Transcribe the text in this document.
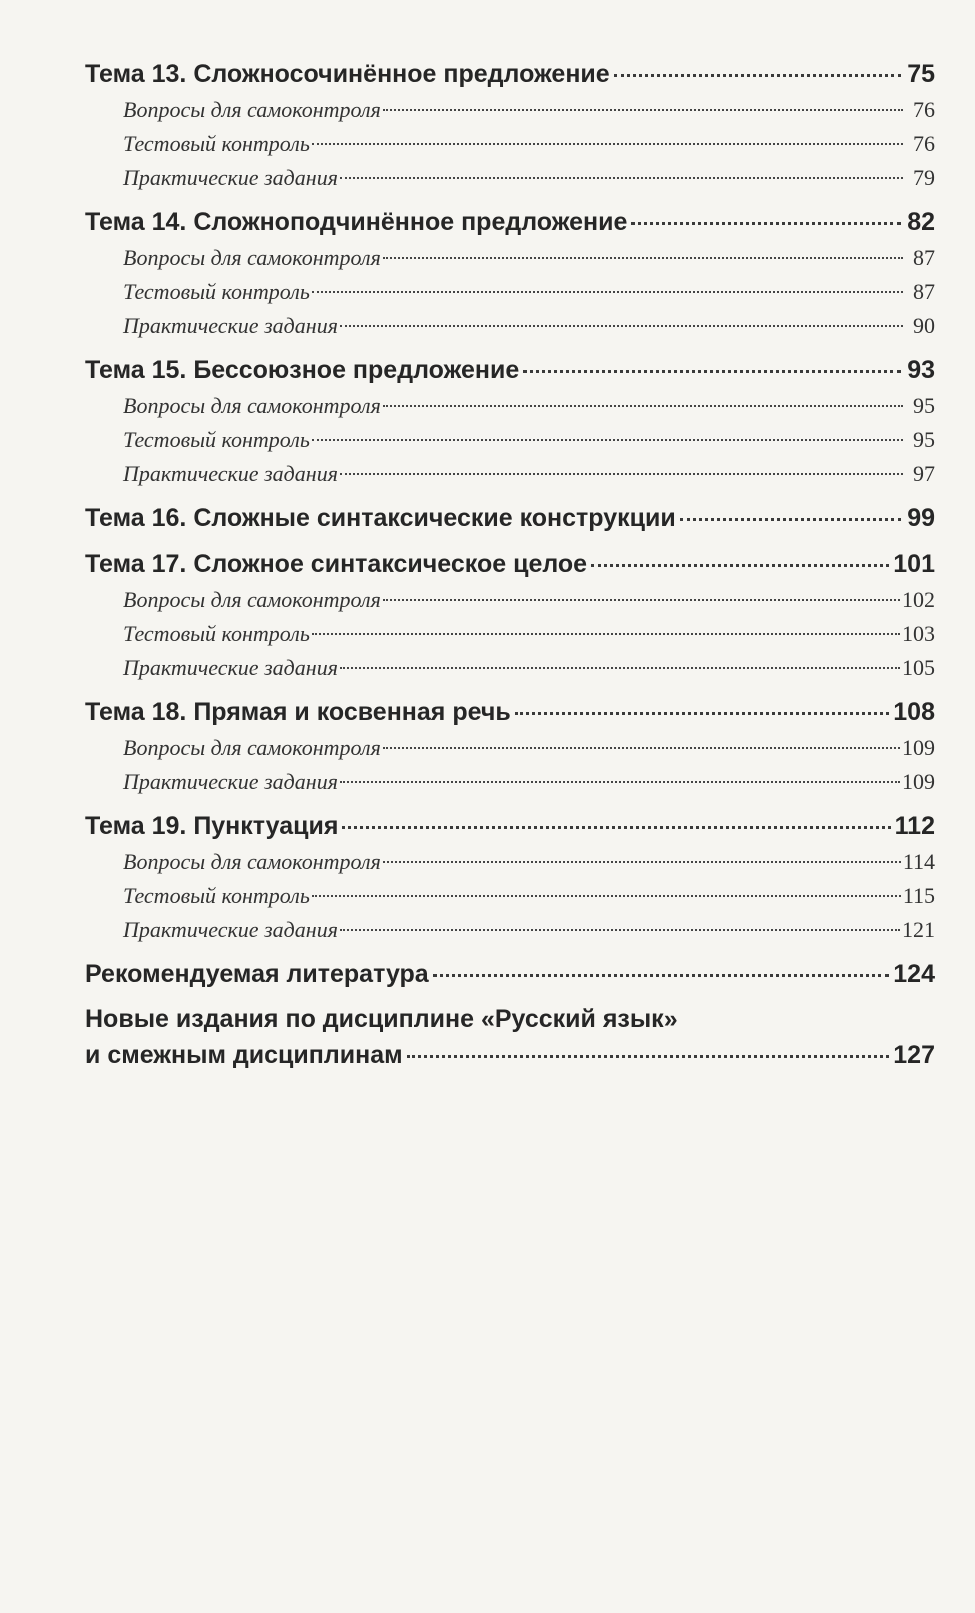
Тема 13. Сложносочинённое предложение	75
Вопросы для самоконтроля	76
Тестовый контроль	76
Практические задания	79
Тема 14. Сложноподчинённое предложение	82
Вопросы для самоконтроля	87
Тестовый контроль	87
Практические задания	90
Тема 15. Бессоюзное предложение	93
Вопросы для самоконтроля	95
Тестовый контроль	95
Практические задания	97
Тема 16. Сложные синтаксические конструкции	99
Тема 17. Сложное синтаксическое целое	101
Вопросы для самоконтроля	102
Тестовый контроль	103
Практические задания	105
Тема 18. Прямая и косвенная речь	108
Вопросы для самоконтроля	109
Практические задания	109
Тема 19. Пунктуация	112
Вопросы для самоконтроля	114
Тестовый контроль	115
Практические задания	121
Рекомендуемая литература	124
Новые издания по дисциплине «Русский язык»
и смежным дисциплинам	127
